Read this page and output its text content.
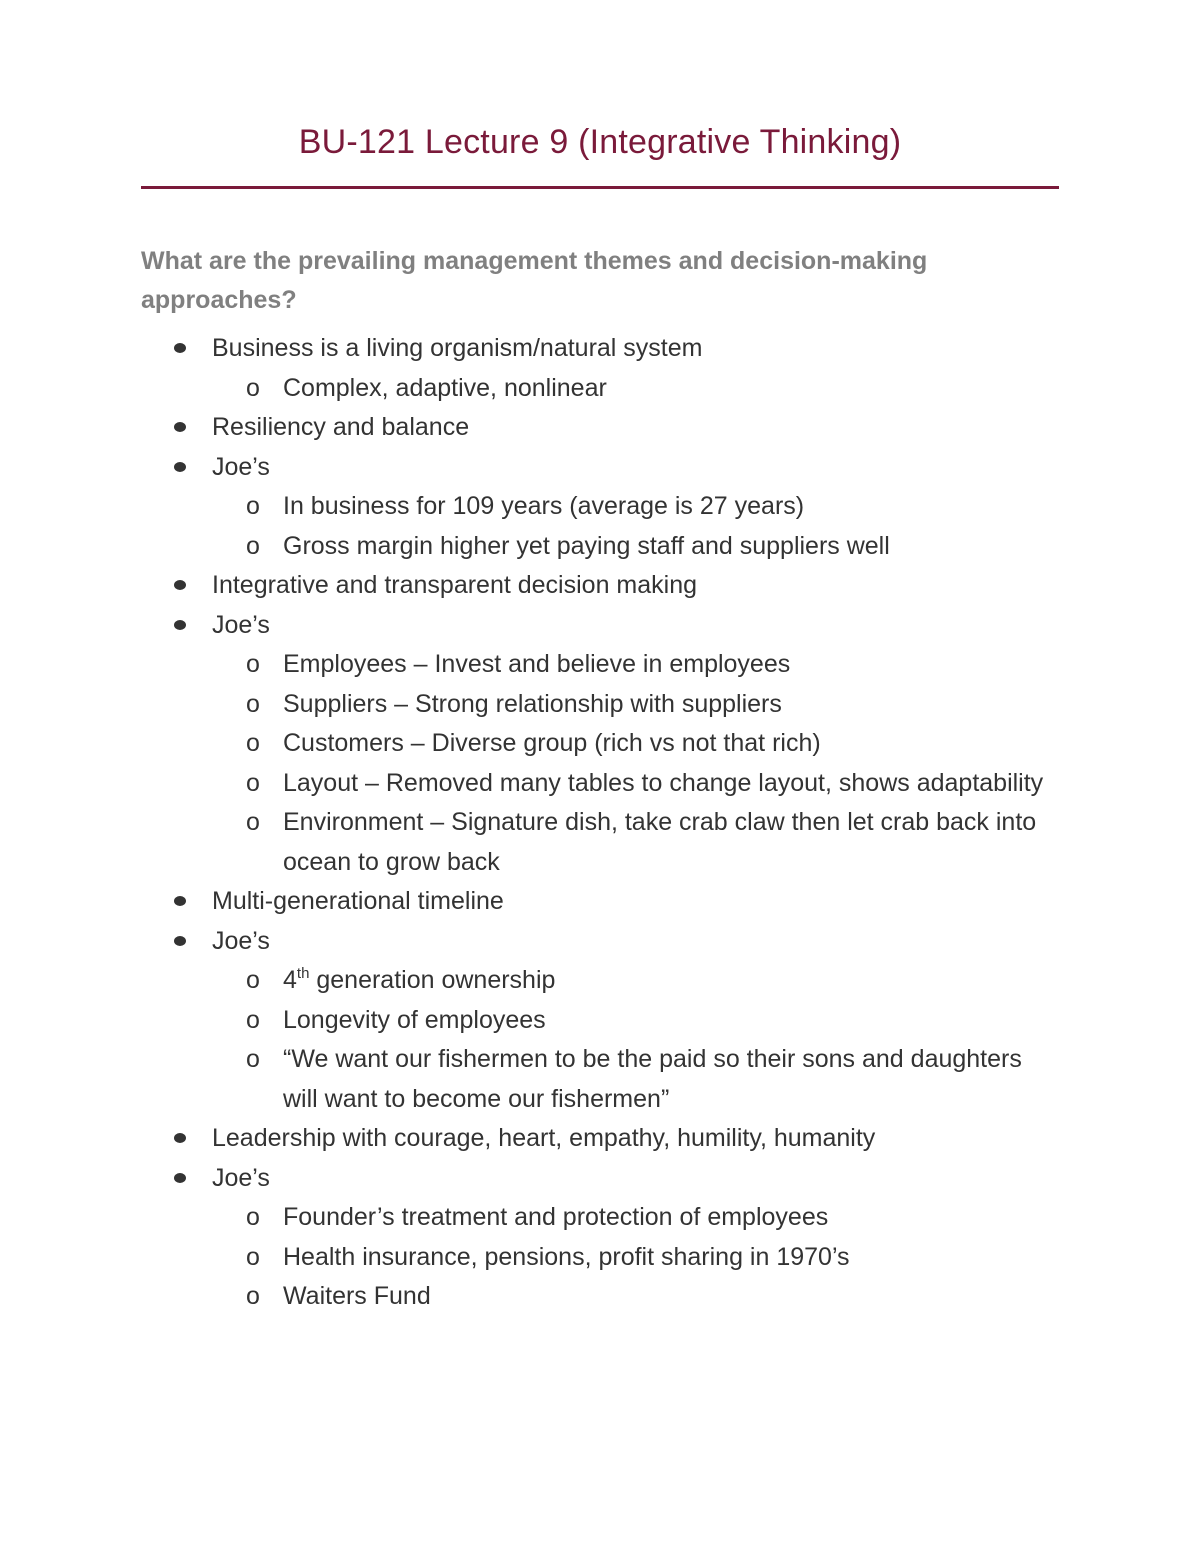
BU-121 Lecture 9 (Integrative Thinking)
What are the prevailing management themes and decision-making approaches?
Business is a living organism/natural system
o Complex, adaptive, nonlinear
Resiliency and balance
Joe’s
o In business for 109 years (average is 27 years)
o Gross margin higher yet paying staff and suppliers well
Integrative and transparent decision making
Joe’s
o Employees – Invest and believe in employees
o Suppliers – Strong relationship with suppliers
o Customers – Diverse group (rich vs not that rich)
o Layout – Removed many tables to change layout, shows adaptability
o Environment – Signature dish, take crab claw then let crab back into ocean to grow back
Multi-generational timeline
Joe’s
o 4th generation ownership
o Longevity of employees
o “We want our fishermen to be the paid so their sons and daughters will want to become our fishermen”
Leadership with courage, heart, empathy, humility, humanity
Joe’s
o Founder’s treatment and protection of employees
o Health insurance, pensions, profit sharing in 1970’s
o Waiters Fund
